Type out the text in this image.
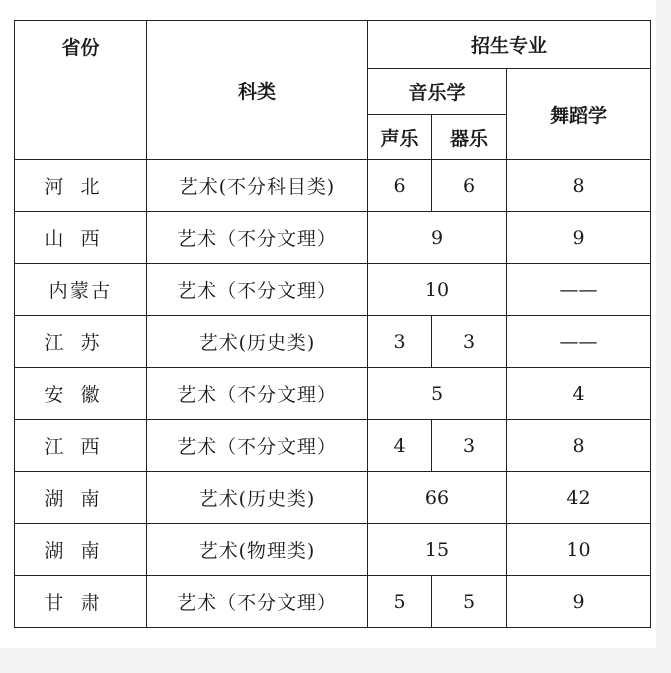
省份	科类	招生专业		
		音乐学		舞蹈学
		声乐	器乐	
河北	艺术(不分科目类)	6	6	8
山西	艺术（不分文理）	9		9
内蒙古	艺术（不分文理）	10		——
江苏	艺术(历史类)	3	3	——
安徽	艺术（不分文理）	5		4
江西	艺术（不分文理）	4	3	8
湖南	艺术(历史类)	66		42
湖南	艺术(物理类)	15		10
甘肃	艺术（不分文理）	5	5	9
